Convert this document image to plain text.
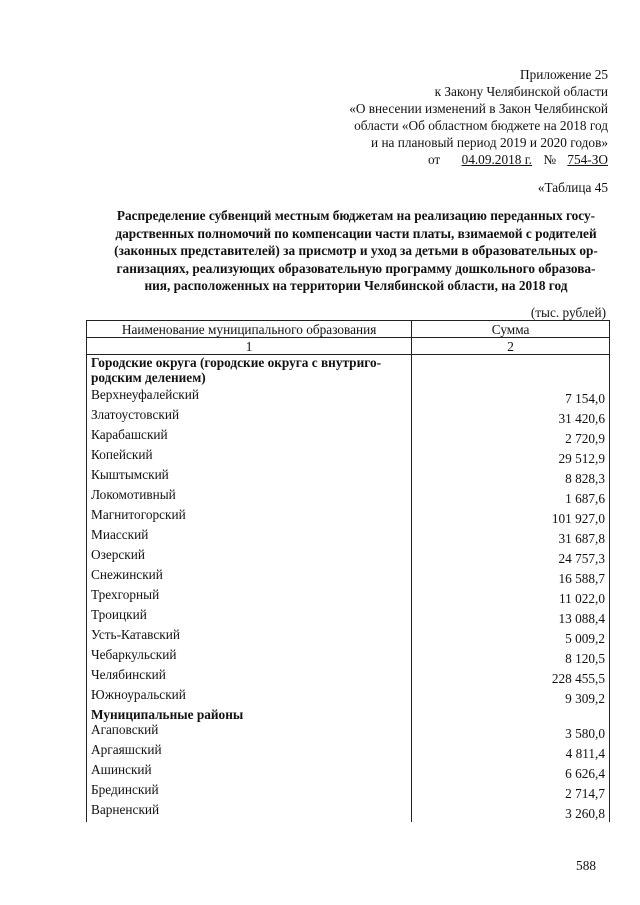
Приложение 25
к Закону Челябинской области
«О внесении изменений в Закон Челябинской
области «Об областном бюджете на 2018 год
и на плановый период 2019 и 2020 годов»
от 04.09.2018 г. № 754-ЗО
«Таблица 45
Распределение субвенций местным бюджетам на реализацию переданных госу-
дарственных полномочий по компенсации части платы, взимаемой с родителей
(законных представителей) за присмотр и уход за детьми в образовательных ор-
ганизациях, реализующих образовательную программу дошкольного образова-
ния, расположенных на территории Челябинской области, на 2018 год
(тыс. рублей)
Наименование муниципального образования	Сумма
1	2

Городские округа (городские округа с внутриго-
родским делением)	

Верхнеуфалейский	7 154,0
Златоустовский	31 420,6
Карабашский	2 720,9
Копейский	29 512,9
Кыштымский	8 828,3
Локомотивный	1 687,6
Магнитогорский	101 927,0
Миасский	31 687,8
Озерский	24 757,3
Снежинский	16 588,7
Трехгорный	11 022,0
Троицкий	13 088,4
Усть-Катавский	5 009,2
Чебаркульский	8 120,5
Челябинский	228 455,5
Южноуральский	9 309,2
Муниципальные районы	
Агаповский	3 580,0
Аргаяшский	4 811,4
Ашинский	6 626,4
Брединский	2 714,7
Варненский	3 260,8
588
